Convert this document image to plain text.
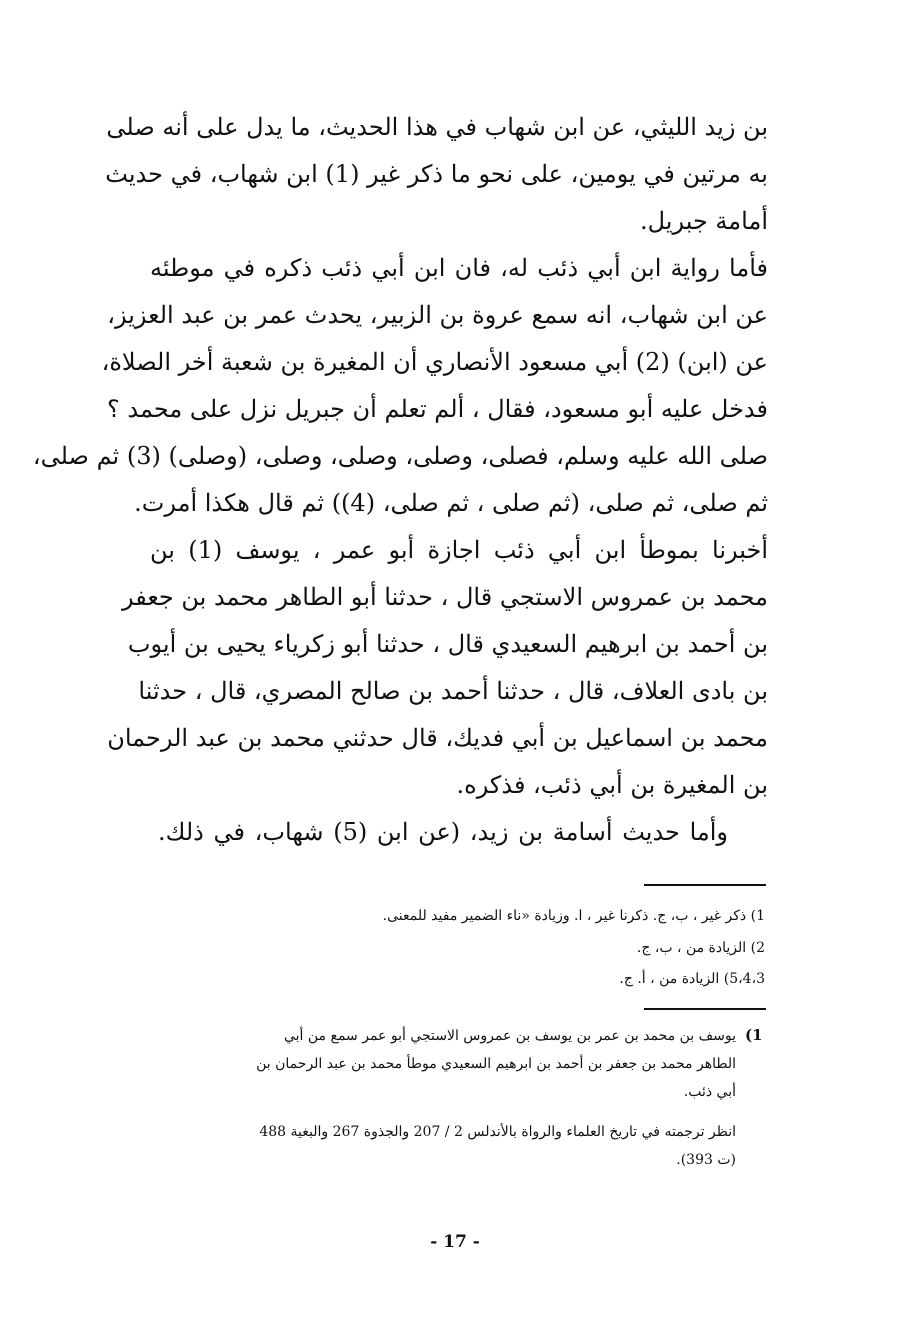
بن زيد الليثي، عن ابن شهاب في هذا الحديث، ما يدل على أنه صلى
به مرتين في يومين، على نحو ما ذكر غير (1) ابن شهاب، في حديث
أمامة جبريل.
فأما رواية ابن أبي ذئب له، فان ابن أبي ذئب ذكره في موطئه
عن ابن شهاب، انه سمع عروة بن الزبير، يحدث عمر بن عبد العزيز،
عن (ابن) (2) أبي مسعود الأنصاري أن المغيرة بن شعبة أخر الصلاة،
فدخل عليه أبو مسعود، فقال ، ألم تعلم أن جبريل نزل على محمد ؟
صلى الله عليه وسلم، فصلى، وصلى، وصلى، وصلى، (وصلى) (3) ثم صلى،
ثم صلى، ثم صلى، (ثم صلى ، ثم صلى، (4)) ثم قال هكذا أمرت.
أخبرنا بموطأ ابن أبي ذئب اجازة أبو عمر ، يوسف (1) بن
محمد بن عمروس الاستجي قال ، حدثنا أبو الطاهر محمد بن جعفر
بن أحمد بن ابرهيم السعيدي قال ، حدثنا أبو زكرياء يحيى بن أيوب
بن بادى العلاف، قال ، حدثنا أحمد بن صالح المصري، قال ، حدثنا
محمد بن اسماعيل بن أبي فديك، قال حدثني محمد بن عبد الرحمان
بن المغيرة بن أبي ذئب، فذكره.
وأما حديث أسامة بن زيد، (عن ابن (5) شهاب، في ذلك.
1) ذكر غير ، ب، ج. ذكرنا غير ، ا. وزيادة «ناء الضمير مفيد للمعنى.
2) الزيادة من ، ب، ج.
5،4،3) الزيادة من ، أ. ج.
(1
يوسف بن محمد بن عمر بن يوسف بن عمروس الاستجي أبو عمر سمع من أبي
الطاهر محمد بن جعفر بن أحمد بن ابرهيم السعيدي موطأ محمد بن عبد الرحمان بن
أبي ذئب.
انظر ترجمته في تاريخ العلماء والرواة بالأندلس 2 / 207 والجذوة 267 والبغية 488
(ت 393).
- 17 -
